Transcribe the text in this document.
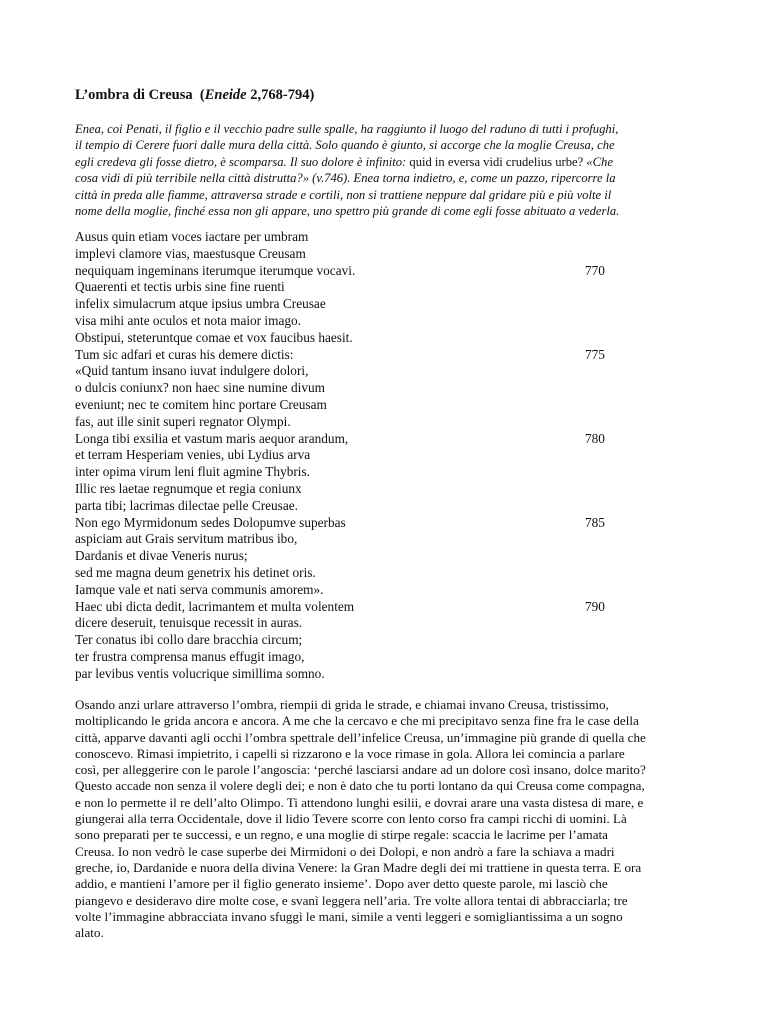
L’ombra di Creusa (Eneide 2,768-794)
Enea, coi Penati, il figlio e il vecchio padre sulle spalle, ha raggiunto il luogo del raduno di tutti i profughi,
il tempio di Cerere fuori dalle mura della città. Solo quando è giunto, si accorge che la moglie Creusa, che
egli credeva gli fosse dietro, è scomparsa. Il suo dolore è infinito: quid in eversa vidi crudelius urbe? «Che
cosa vidi di più terribile nella città distrutta?» (v.746). Enea torna indietro, e, come un pazzo, ripercorre la
città in preda alle fiamme, attraversa strade e cortili, non si trattiene neppure dal gridare più e più volte il
nome della moglie, finché essa non gli appare, uno spettro più grande di come egli fosse abituato a vederla.
Ausus quin etiam voces iactare per umbram
implevi clamore vias, maestusque Creusam
nequiquam ingeminans iterumque iterumque vocavi.	770
Quaerenti et tectis urbis sine fine ruenti
infelix simulacrum atque ipsius umbra Creusae
visa mihi ante oculos et nota maior imago.
Obstipui, steteruntque comae et vox faucibus haesit.
Tum sic adfari et curas his demere dictis:	775
«Quid tantum insano iuvat indulgere dolori,
o dulcis coniunx? non haec sine numine divum
eveniunt; nec te comitem hinc portare Creusam
fas, aut ille sinit superi regnator Olympi.
Longa tibi exsilia et vastum maris aequor arandum,	780
et terram Hesperiam venies, ubi Lydius arva
inter opima virum leni fluit agmine Thybris.
Illic res laetae regnumque et regia coniunx
parta tibi; lacrimas dilectae pelle Creusae.
Non ego Myrmidonum sedes Dolopumve superbas	785
aspiciam aut Grais servitum matribus ibo,
Dardanis et divae Veneris nurus;
sed me magna deum genetrix his detinet oris.
Iamque vale et nati serva communis amorem».
Haec ubi dicta dedit, lacrimantem et multa volentem	790
dicere deseruit, tenuisque recessit in auras.
Ter conatus ibi collo dare bracchia circum;
ter frustra comprensa manus effugit imago,
par levibus ventis volucrique simillima somno.
Osando anzi urlare attraverso l’ombra, riempii di grida le strade, e chiamai invano Creusa, tristissimo,
moltiplicando le grida ancora e ancora. A me che la cercavo e che mi precipitavo senza fine fra le case della
città, apparve davanti agli occhi l’ombra spettrale dell’infelice Creusa, un’immagine più grande di quella che
conoscevo. Rimasi impietrito, i capelli si rizzarono e la voce rimase in gola. Allora lei comincia a parlare
così, per alleggerire con le parole l’angoscia: ‘perché lasciarsi andare ad un dolore così insano, dolce marito?
Questo accade non senza il volere degli dei; e non è dato che tu porti lontano da qui Creusa come compagna,
e non lo permette il re dell’alto Olimpo. Ti attendono lunghi esilii, e dovrai arare una vasta distesa di mare, e
giungerai alla terra Occidentale, dove il lidio Tevere scorre con lento corso fra campi ricchi di uomini. Là
sono preparati per te successi, e un regno, e una moglie di stirpe regale: scaccia le lacrime per l’amata
Creusa. Io non vedrò le case superbe dei Mirmidoni o dei Dolopi, e non andrò a fare la schiava a madri
greche, io, Dardanide e nuora della divina Venere: la Gran Madre degli dei mi trattiene in questa terra. E ora
addio, e mantieni l’amore per il figlio generato insieme’. Dopo aver detto queste parole, mi lasciò che
piangevo e desideravo dire molte cose, e svanì leggera nell’aria. Tre volte allora tentai di abbracciarla; tre
volte l’immagine abbracciata invano sfuggì le mani, simile a venti leggeri e somigliantissima a un sogno
alato.
